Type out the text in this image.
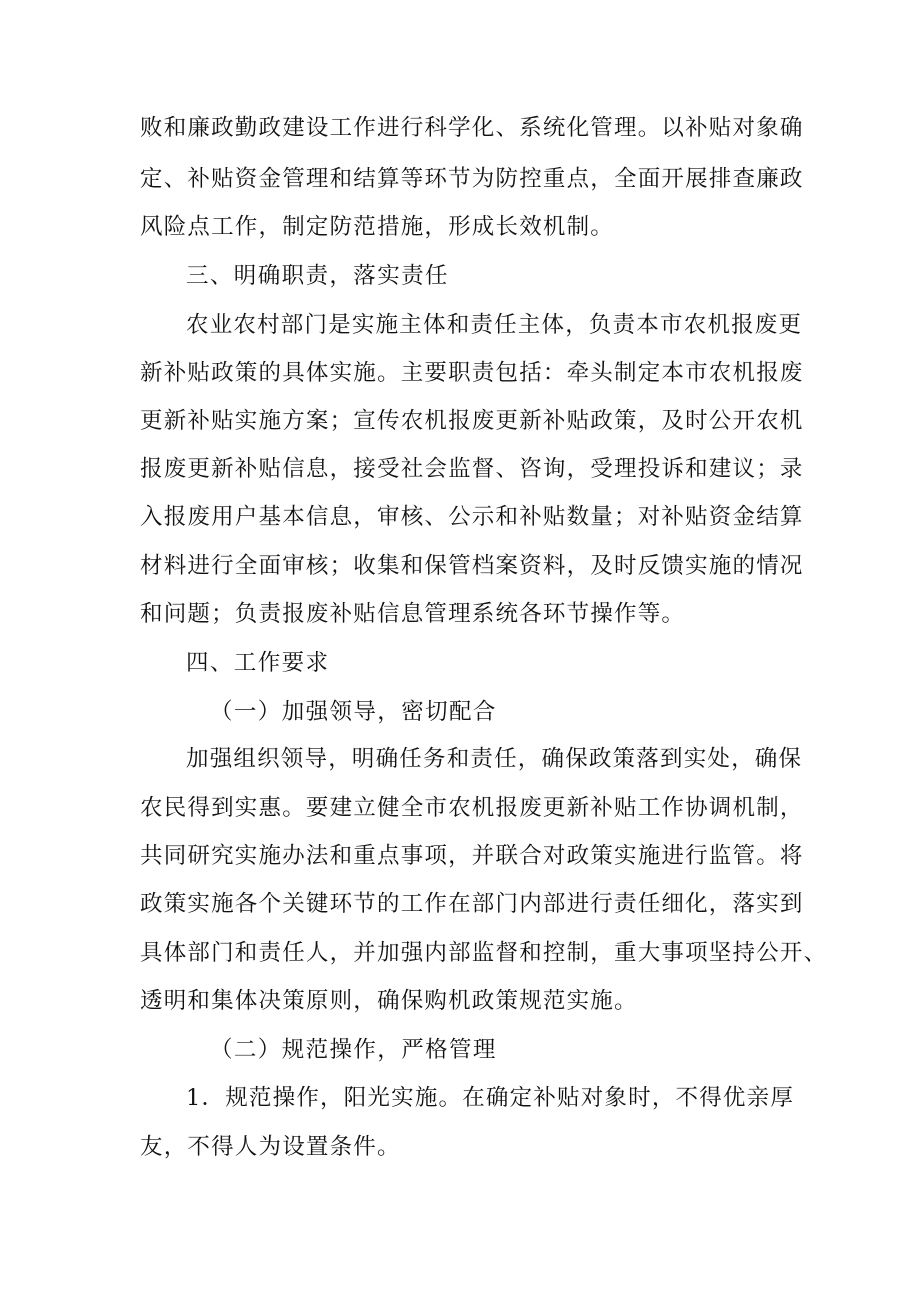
败和廉政勤政建设工作进行科学化、系统化管理。以补贴对象确
定、补贴资金管理和结算等环节为防控重点，全面开展排查廉政
风险点工作，制定防范措施，形成长效机制。
三、明确职责，落实责任
农业农村部门是实施主体和责任主体，负责本市农机报废更
新补贴政策的具体实施。主要职责包括：牵头制定本市农机报废
更新补贴实施方案；宣传农机报废更新补贴政策，及时公开农机
报废更新补贴信息，接受社会监督、咨询，受理投诉和建议；录
入报废用户基本信息，审核、公示和补贴数量；对补贴资金结算
材料进行全面审核；收集和保管档案资料，及时反馈实施的情况
和问题；负责报废补贴信息管理系统各环节操作等。
四、工作要求
（一）加强领导，密切配合
加强组织领导，明确任务和责任，确保政策落到实处，确保
农民得到实惠。要建立健全市农机报废更新补贴工作协调机制，
共同研究实施办法和重点事项，并联合对政策实施进行监管。将
政策实施各个关键环节的工作在部门内部进行责任细化，落实到
具体部门和责任人，并加强内部监督和控制，重大事项坚持公开、
透明和集体决策原则，确保购机政策规范实施。
（二）规范操作，严格管理
1．规范操作，阳光实施。在确定补贴对象时，不得优亲厚
友，不得人为设置条件。
